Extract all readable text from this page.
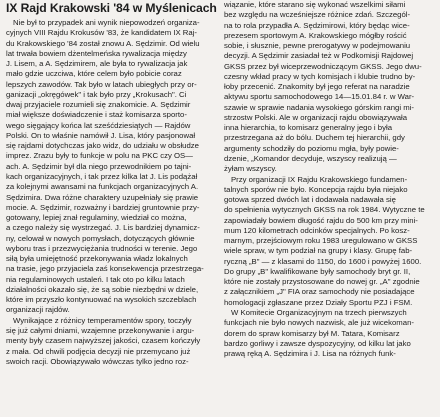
IX Rajd Krakowski '84 w Myślenicach
Nie był to przypadek ani wynik niepowodzeń organiza-
cyjnych VIII Rajdu Krokusów '83, że kandidatem IX Raj-
du Krakowskiego '84 został znowu A. Sędzimir. Od wielu
lat trwała bowiem dżentelmeńska rywalizacja między
J. Lisem, a A. Sędzimirem, ale była to rywalizacja jak
mało gdzie uczciwa, które celem było pobicie coraz
lepszych zawodów. Tak było w latach ubiegłych przy or-
ganizacji „okręgówek" i tak było przy „Krokusach". Ci
dwaj przyjaciele rozumieli się znakomicie. A. Sędzimir
miał większe doświadczenie i staż komisarza sporto-
wego sięgający końca lat sześćdziesiątych — Rajdów
Polski. On to właśnie namówił J. Lisa, który pasjonował
się rajdami dotychczas jako widz, do udziału w obsłudze
imprez. Zrazu były to funkcje w polu na PKC czy OS—
ach. A. Sędzimir był dla niego przewodnikiem po tajni-
kach organizacyjnych, i tak przez kilka lat J. Lis podążał
za kolejnymi awansami na funkcjach organizacyjnych A.
Sędzimira. Dwa różne charaktery uzupełniały się prawie
mocie. A. Sędzimir, rozważny i bardziej gruntownie przy-
gotowany, lepiej znał regulaminy, wiedział co można,
a czego należy się wystrzegać. J. Lis bardziej dynamicz-
ny, celował w nowych pomysłach, dotyczących głównie
wyboru tras i przezwyciężania trudności w terenie. Jego
siłą była umiejętność przekonywania władz lokalnych
na trasie, jego przyjaciela zaś konsekwencja przestrzega-
nia regulaminowych ustaleń. I tak oto po kilku latach
działalności okazało się, że są sobie niezbędni w dziele,
które im przyszło kontynuować na wysokich szczeblach
organizacji rajdów.
Wynikające z różnicy temperamentów spory, toczyły
się już całymi dniami, wzajemne przekonywanie i argu-
menty były czasem najwyższej jakości, czasem kończyły
z mała. Od chwili podjęcia decyzji nie przemycano już
swoich racji. Obowiązywało wówczas tylko jedno roz-
wiązanie, które starano się wykonać wszelkimi siłami
bez względu na wcześniejsze różnice zdań. Szczegól-
na to rola przypadła A. Sędzimirowi, który będąc wice-
prezesem sportowym A. Krakowskiego mógłby rościć
sobie, i słusznie, pewne prerogatywy w podejmowaniu
decyzji. A Sędzimir zasiadał też w Podkomisji Rajdowej
GKSS przez był wiceprzewodniczącym GKSS. Jego dwu-
czesny wkład pracy w tych komisjach i klubie trudno by-
łoby przecenić. Znakomity był jego referat na naradzie
aktywu sportu samochodowego 14—15.01.84 r. w War-
szawie w sprawie nadania wysokiego górskim rangi mi-
strzostw Polski. Ale w organizacji rajdu obowiązywała
inna hierarchia, to komisarz generalny jego i była
przestrzegana aż do bólu. Duchem tej hierarchii, gdy
argumenty schodziły do poziomu mgła, były powie-
dzenie, „Komandor decyduje, wszyscy realizują —
żyłam wszyscy.
Przy organizacji IX Rajdu Krakowskiego fundamen-
talnych sporów nie było. Koncepcja rajdu była niejako
gotowa sprzed dwóch lat i dodawała nadawała się
do spełnienia wytycznych GKSS na rok 1984. Wytyczne te
zapowiadały bowiem długość rajdu do 500 km przy mini-
mum 120 kilometrach odcinków specjalnych. Po kosz-
marnym, przejściowym roku 1983 uregulowano w GKSS
wiele spraw, w tym podział na grupy i klasy. Grupę fab-
ryczną „B" — z klasami do 1150, do 1600 i powyżej 1600.
Do grupy „B" kwalifikowane były samochody bryt gr. II,
które nie zostały przystosowane do nowej gr. „A" zgodnie
z załącznikiem „J" FIA oraz samochody nie posiadające
homologacji zgłaszane przez Działy Sportu PZJ i FSM.
W Komitecie Organizacyjnym na trzech pierwszych
funkcjach nie było nowych nazwisk, ale już wicekoman-
dorem do spraw komisarzy był M. Tatara, Komisarz
bardzo gorliwy i zawsze dyspozycyjny, od kilku lat jako
prawą ręką A. Sędzimira i J. Lisa na różnych funk-
